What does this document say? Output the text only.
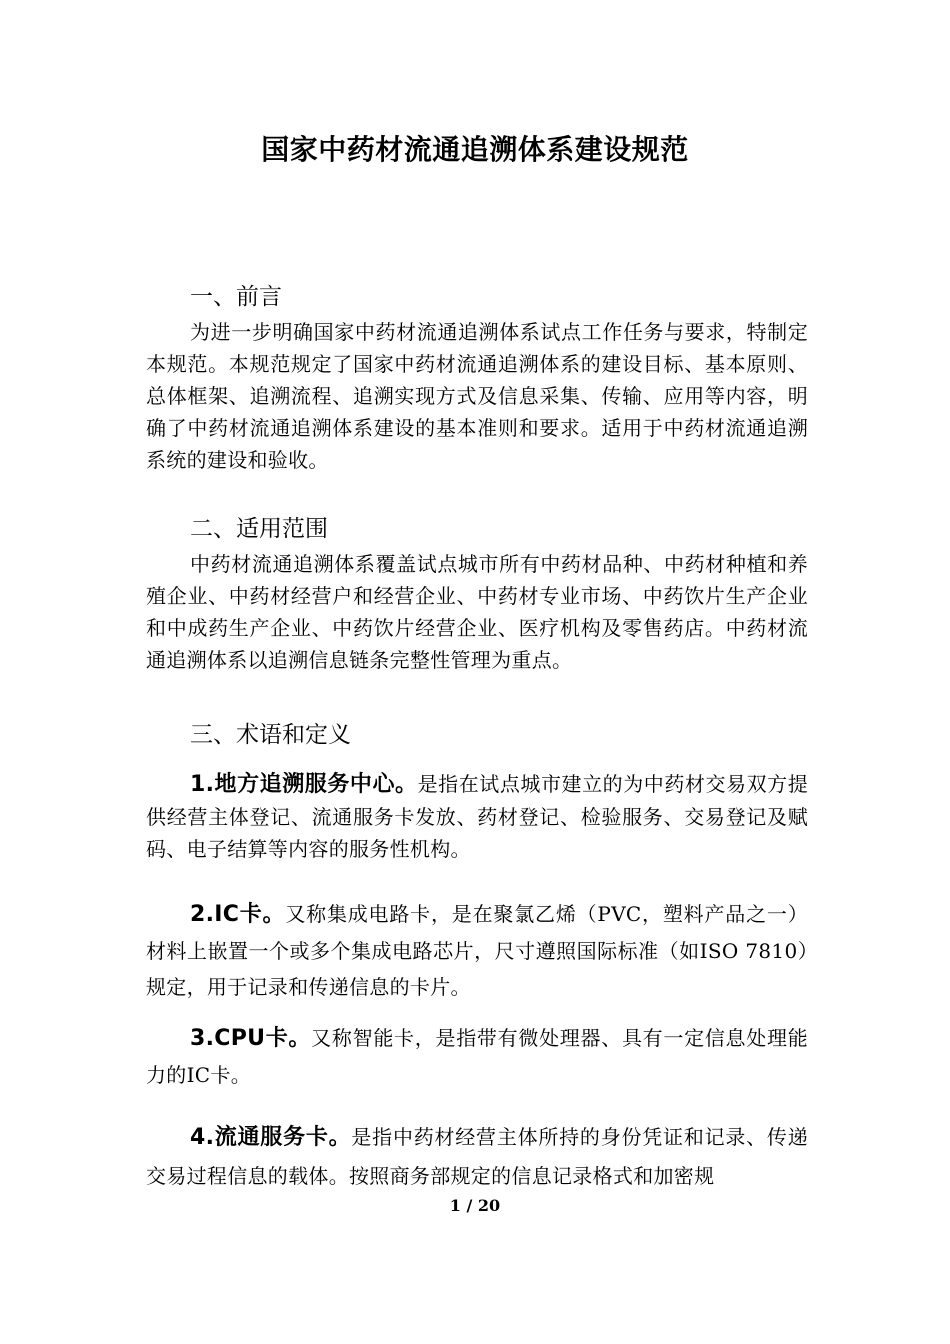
国家中药材流通追溯体系建设规范
一、前言
为进一步明确国家中药材流通追溯体系试点工作任务与要求，特制定本规范。本规范规定了国家中药材流通追溯体系的建设目标、基本原则、总体框架、追溯流程、追溯实现方式及信息采集、传输、应用等内容，明确了中药材流通追溯体系建设的基本准则和要求。适用于中药材流通追溯系统的建设和验收。
二、适用范围
中药材流通追溯体系覆盖试点城市所有中药材品种、中药材种植和养殖企业、中药材经营户和经营企业、中药材专业市场、中药饮片生产企业和中成药生产企业、中药饮片经营企业、医疗机构及零售药店。中药材流通追溯体系以追溯信息链条完整性管理为重点。
三、术语和定义
1.地方追溯服务中心。是指在试点城市建立的为中药材交易双方提供经营主体登记、流通服务卡发放、药材登记、检验服务、交易登记及赋码、电子结算等内容的服务性机构。
2.IC卡。又称集成电路卡，是在聚氯乙烯（PVC，塑料产品之一）材料上嵌置一个或多个集成电路芯片，尺寸遵照国际标准（如ISO 7810）规定，用于记录和传递信息的卡片。
3.CPU卡。又称智能卡，是指带有微处理器、具有一定信息处理能力的IC卡。
4.流通服务卡。是指中药材经营主体所持的身份凭证和记录、传递交易过程信息的载体。按照商务部规定的信息记录格式和加密规
1 / 20
